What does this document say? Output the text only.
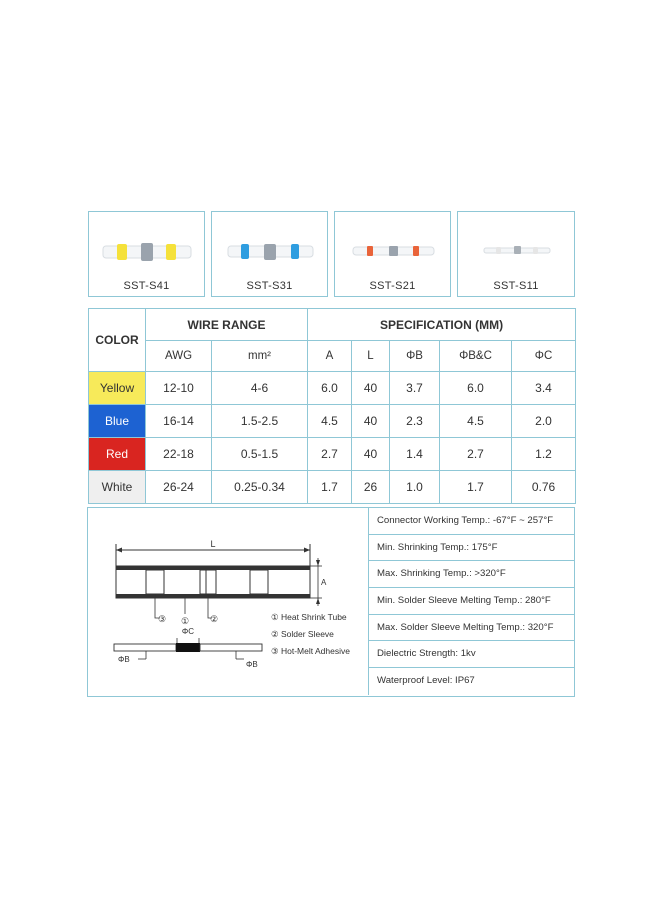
SST-S41	SST-S31	SST-S21	SST-S11
COLOR	WIRE RANGE		SPECIFICATION (MM)				
	AWG	mm²	A	L	ΦB	ΦB&C	ΦC
Yellow	12-10	4-6	6.0	40	3.7	6.0	3.4
Blue	16-14	1.5-2.5	4.5	40	2.3	4.5	2.0
Red	22-18	0.5-1.5	2.7	40	1.4	2.7	1.2
White	26-24	0.25-0.34	1.7	26	1.0	1.7	0.76
L
A
③ ① ②	① Heat Shrink Tube
② Solder Sleeve
③ Hot-Melt Adhesive
ΦC
ΦB
ΦB
Connector Working Temp.: -67°F ~ 257°F
Min. Shrinking Temp.: 175°F
Max. Shrinking Temp.: >320°F
Min. Solder Sleeve Melting Temp.: 280°F
Max. Solder Sleeve Melting Temp.: 320°F
Dielectric Strength: 1kv
Waterproof Level: IP67
